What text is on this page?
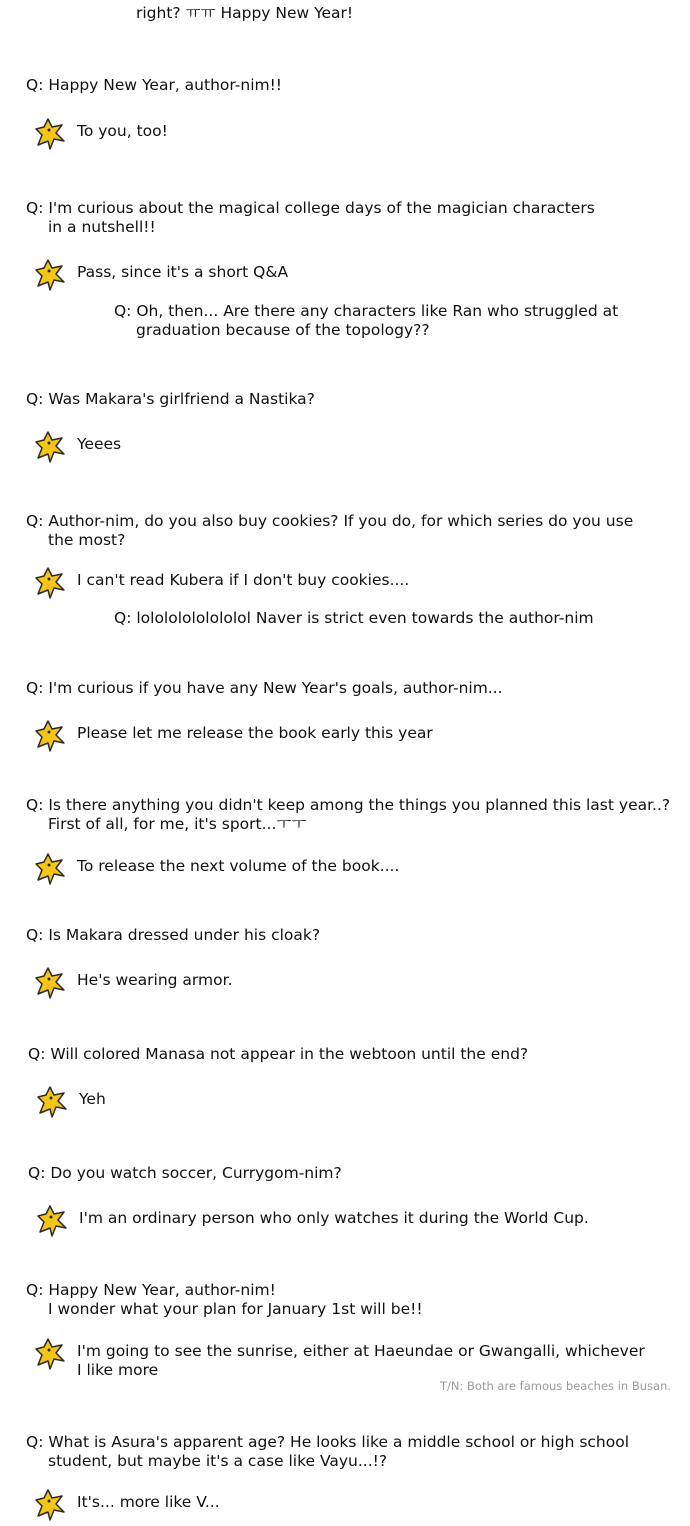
right? ㅠㅠ Happy New Year!
Q: Happy New Year, author-nim!!
To you, too!
Q: I'm curious about the magical college days of the magician characters
in a nutshell!!
Pass, since it's a short Q&A
Q: Oh, then... Are there any characters like Ran who struggled at
graduation because of the topology??
Q: Was Makara's girlfriend a Nastika?
Yeees
Q: Author-nim, do you also buy cookies? If you do, for which series do you use
the most?
I can't read Kubera if I don't buy cookies....
Q: lolololololololol Naver is strict even towards the author-nim
Q: I'm curious if you have any New Year's goals, author-nim...
Please let me release the book early this year
Q: Is there anything you didn't keep among the things you planned this last year..?
First of all, for me, it's sport...ㅜㅜ
To release the next volume of the book....
Q: Is Makara dressed under his cloak?
He's wearing armor.
Q: Will colored Manasa not appear in the webtoon until the end?
Yeh
Q: Do you watch soccer, Currygom-nim?
I'm an ordinary person who only watches it during the World Cup.
Q: Happy New Year, author-nim!
I wonder what your plan for January 1st will be!!
I'm going to see the sunrise, either at Haeundae or Gwangalli, whichever
I like more
T/N: Both are famous beaches in Busan.
Q: What is Asura's apparent age? He looks like a middle school or high school
student, but maybe it's a case like Vayu...!?
It's... more like V...
